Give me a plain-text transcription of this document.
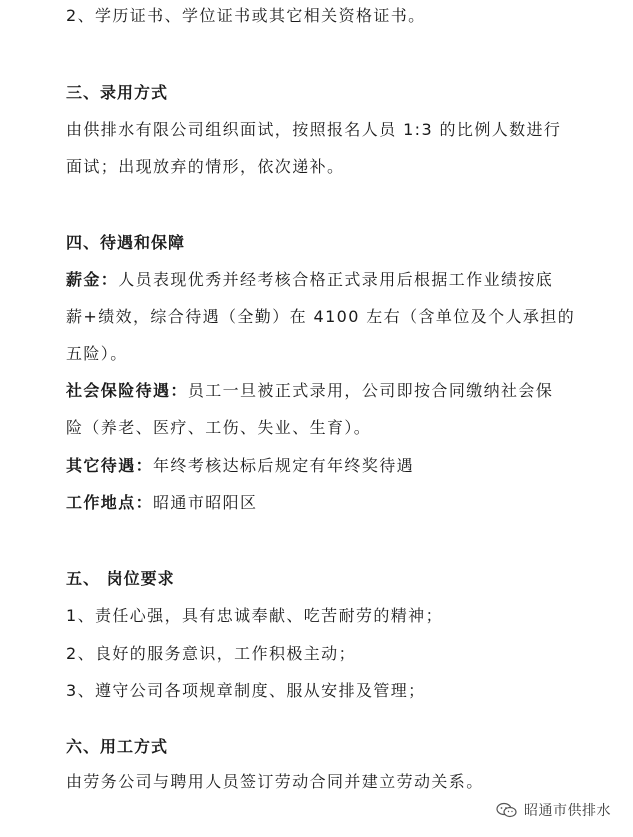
2、学历证书、学位证书或其它相关资格证书。
三、录用方式
由供排水有限公司组织面试，按照报名人员 1:3 的比例人数进行
面试；出现放弃的情形，依次递补。
四、待遇和保障
薪金：人员表现优秀并经考核合格正式录用后根据工作业绩按底
薪+绩效，综合待遇（全勤）在 4100 左右（含单位及个人承担的
五险）。
社会保险待遇：员工一旦被正式录用，公司即按合同缴纳社会保
险（养老、医疗、工伤、失业、生育）。
其它待遇：年终考核达标后规定有年终奖待遇
工作地点：昭通市昭阳区
五、 岗位要求
1、责任心强，具有忠诚奉献、吃苦耐劳的精神；
2、良好的服务意识，工作积极主动；
3、遵守公司各项规章制度、服从安排及管理；
六、用工方式
由劳务公司与聘用人员签订劳动合同并建立劳动关系。
昭通市供排水
